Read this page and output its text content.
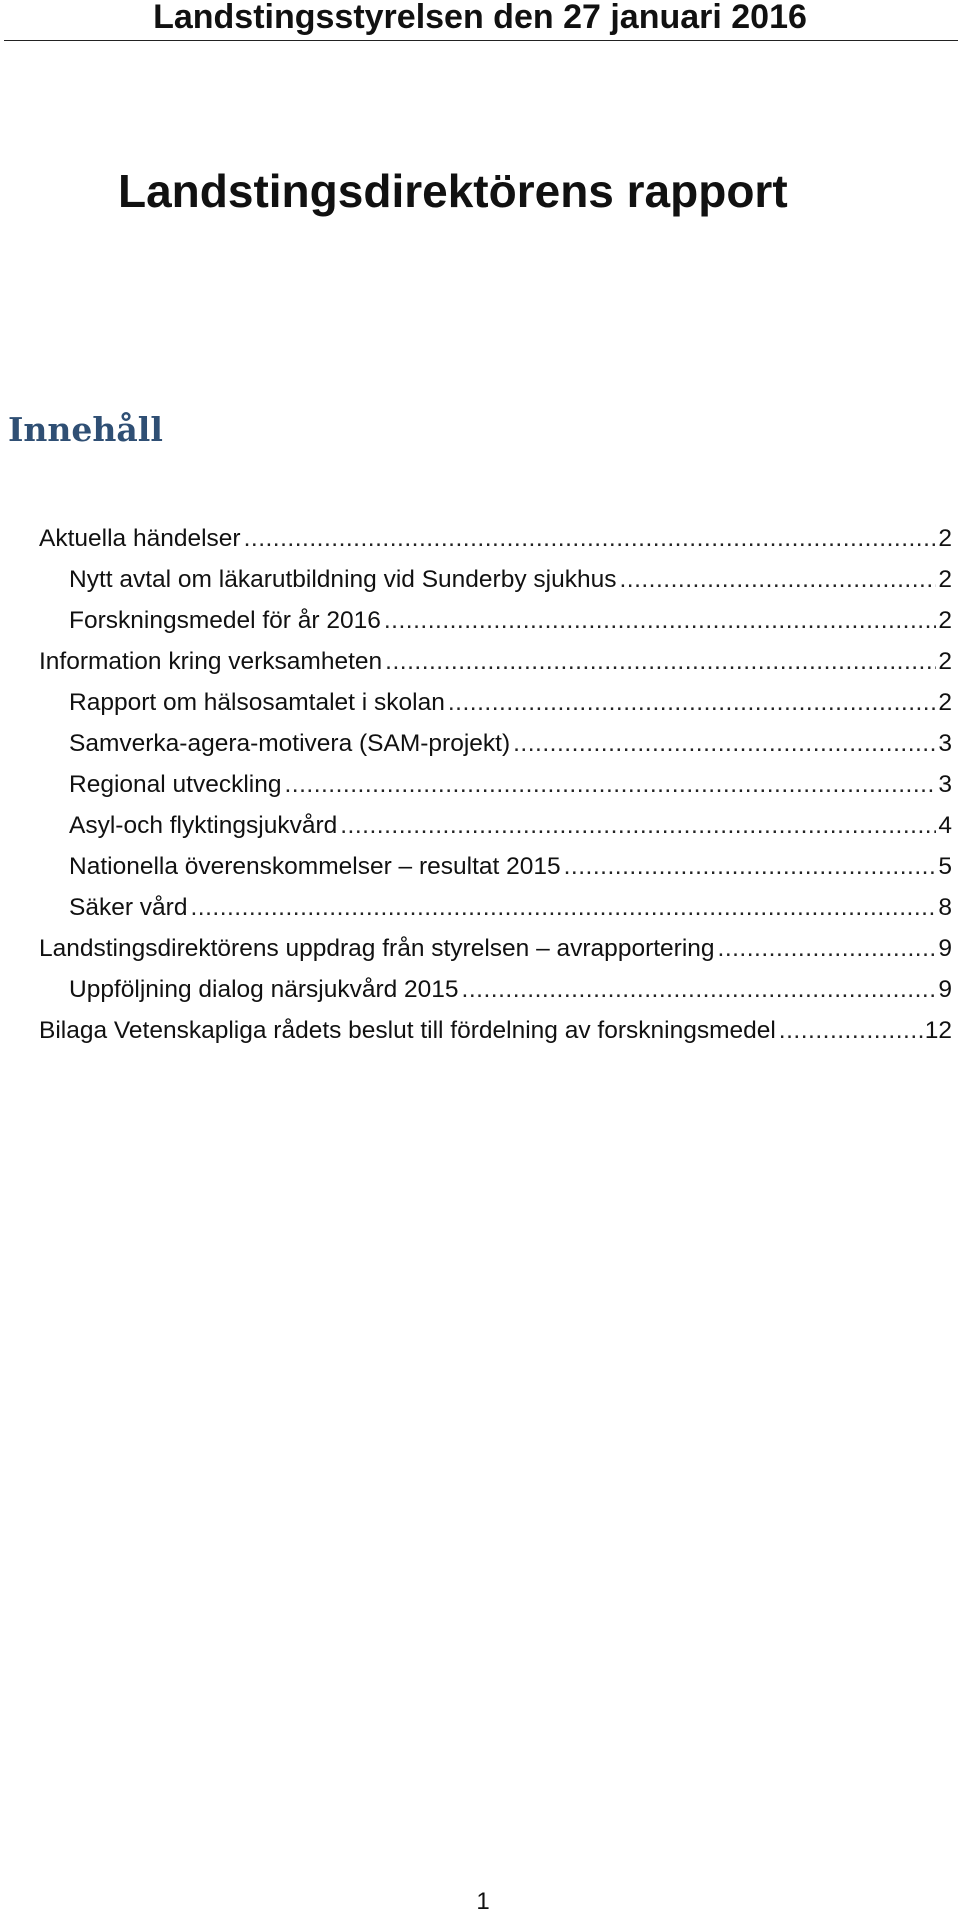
Landstingsstyrelsen den 27 januari 2016
Landstingsdirektörens rapport
Innehåll
Aktuella händelser .....	2
Nytt avtal om läkarutbildning vid Sunderby sjukhus .....	2
Forskningsmedel för år 2016 .....	2
Information kring verksamheten .....	2
Rapport om hälsosamtalet i skolan .....	2
Samverka-agera-motivera (SAM-projekt) .....	3
Regional utveckling .....	3
Asyl-och flyktingsjukvård .....	4
Nationella överenskommelser – resultat 2015 .....	5
Säker vård .....	8
Landstingsdirektörens uppdrag från styrelsen – avrapportering .....	9
Uppföljning dialog närsjukvård 2015 .....	9
Bilaga Vetenskapliga rådets beslut till fördelning av forskningsmedel .....	12
1
